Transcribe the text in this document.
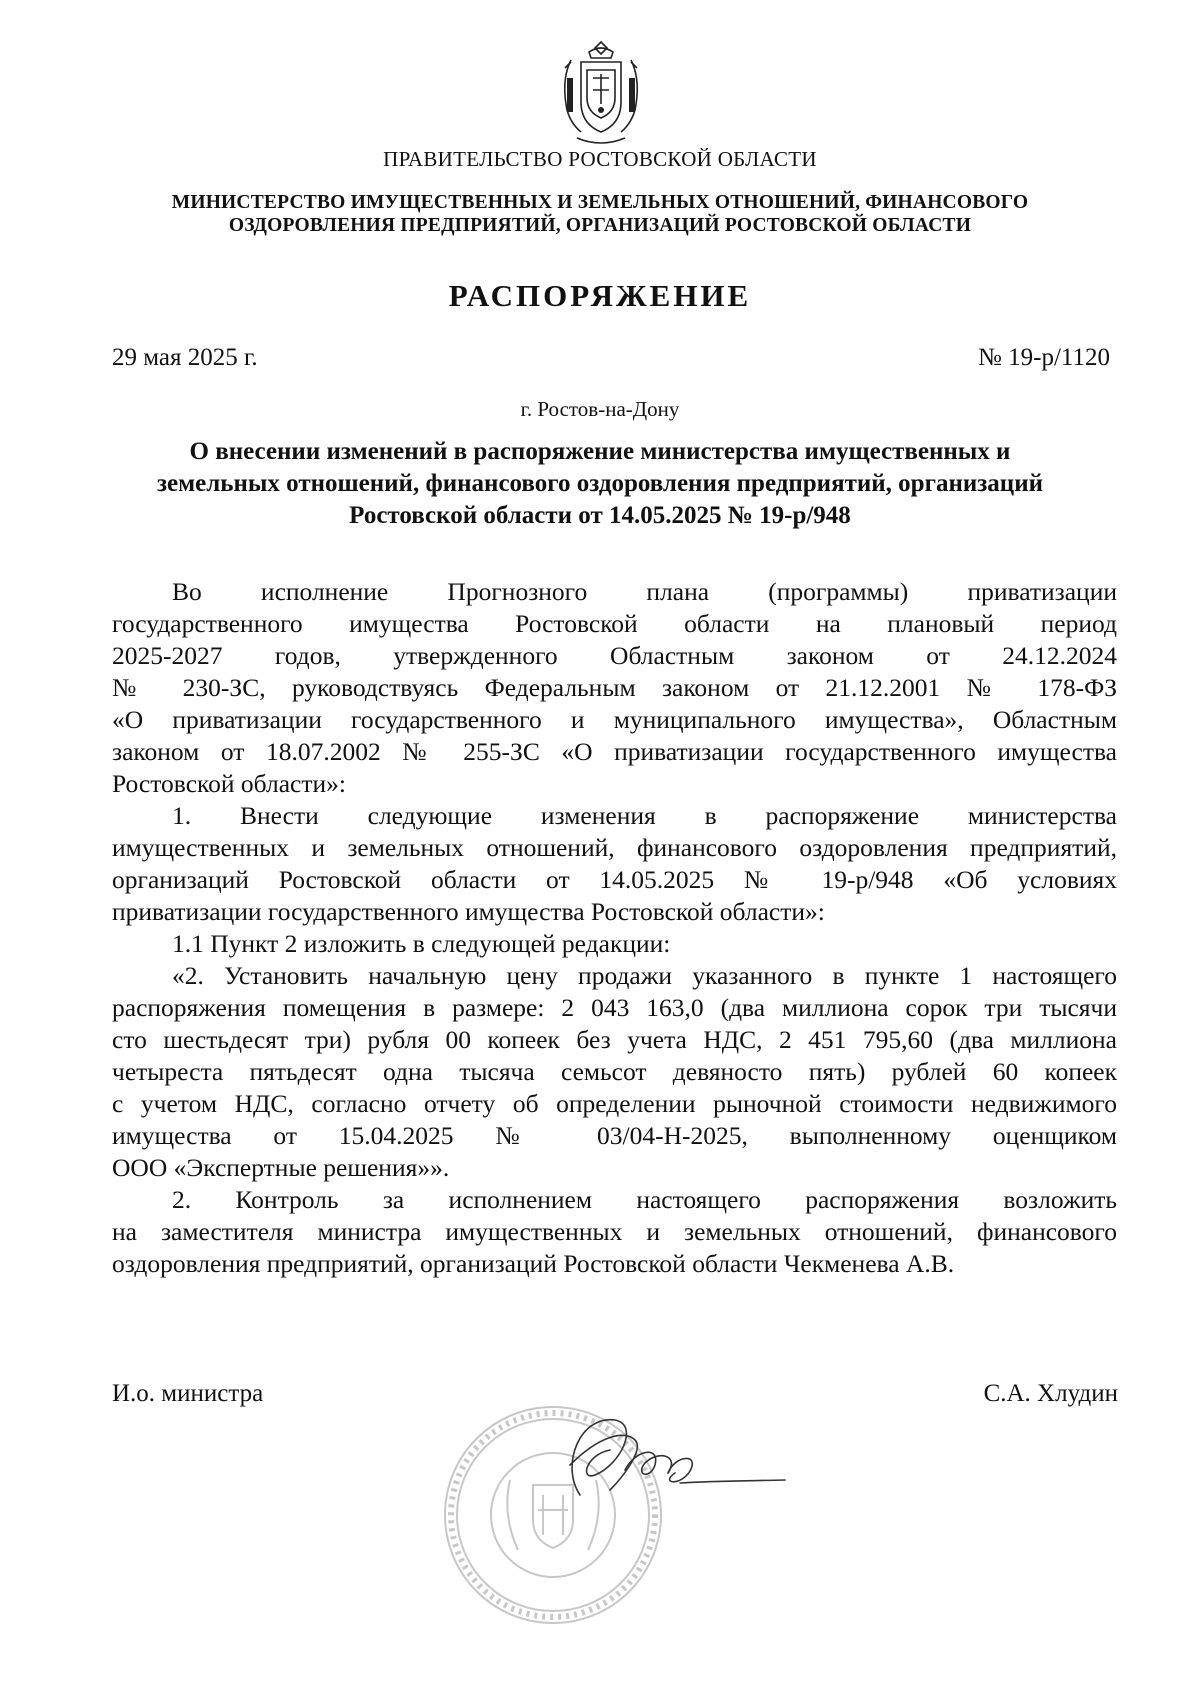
ПРАВИТЕЛЬСТВО РОСТОВСКОЙ ОБЛАСТИ
МИНИСТЕРСТВО ИМУЩЕСТВЕННЫХ И ЗЕМЕЛЬНЫХ ОТНОШЕНИЙ, ФИНАНСОВОГО
ОЗДОРОВЛЕНИЯ ПРЕДПРИЯТИЙ, ОРГАНИЗАЦИЙ РОСТОВСКОЙ ОБЛАСТИ
РАСПОРЯЖЕНИЕ
29 мая 2025 г.	№ 19-р/1120
г. Ростов-на-Дону
О внесении изменений в распоряжение министерства имущественных и
земельных отношений, финансового оздоровления предприятий, организаций
Ростовской области от 14.05.2025 № 19-р/948
Во исполнение Прогнозного плана (программы) приватизации
государственного имущества Ростовской области на плановый период
2025-2027 годов, утвержденного Областным законом от 24.12.2024
№ 230-ЗС, руководствуясь Федеральным законом от 21.12.2001 № 178-ФЗ
«О приватизации государственного и муниципального имущества», Областным
законом от 18.07.2002 № 255-ЗС «О приватизации государственного имущества
Ростовской области»:
1. Внести следующие изменения в распоряжение министерства
имущественных и земельных отношений, финансового оздоровления предприятий,
организаций Ростовской области от 14.05.2025 № 19-р/948 «Об условиях
приватизации государственного имущества Ростовской области»:
1.1 Пункт 2 изложить в следующей редакции:
«2. Установить начальную цену продажи указанного в пункте 1 настоящего
распоряжения помещения в размере: 2 043 163,0 (два миллиона сорок три тысячи
сто шестьдесят три) рубля 00 копеек без учета НДС, 2 451 795,60 (два миллиона
четыреста пятьдесят одна тысяча семьсот девяносто пять) рублей 60 копеек
с учетом НДС, согласно отчету об определении рыночной стоимости недвижимого
имущества от 15.04.2025 № 03/04-Н-2025, выполненному оценщиком
ООО «Экспертные решения»».
2. Контроль за исполнением настоящего распоряжения возложить
на заместителя министра имущественных и земельных отношений, финансового
оздоровления предприятий, организаций Ростовской области Чекменева А.В.
И.о. министра	С.А. Хлудин
